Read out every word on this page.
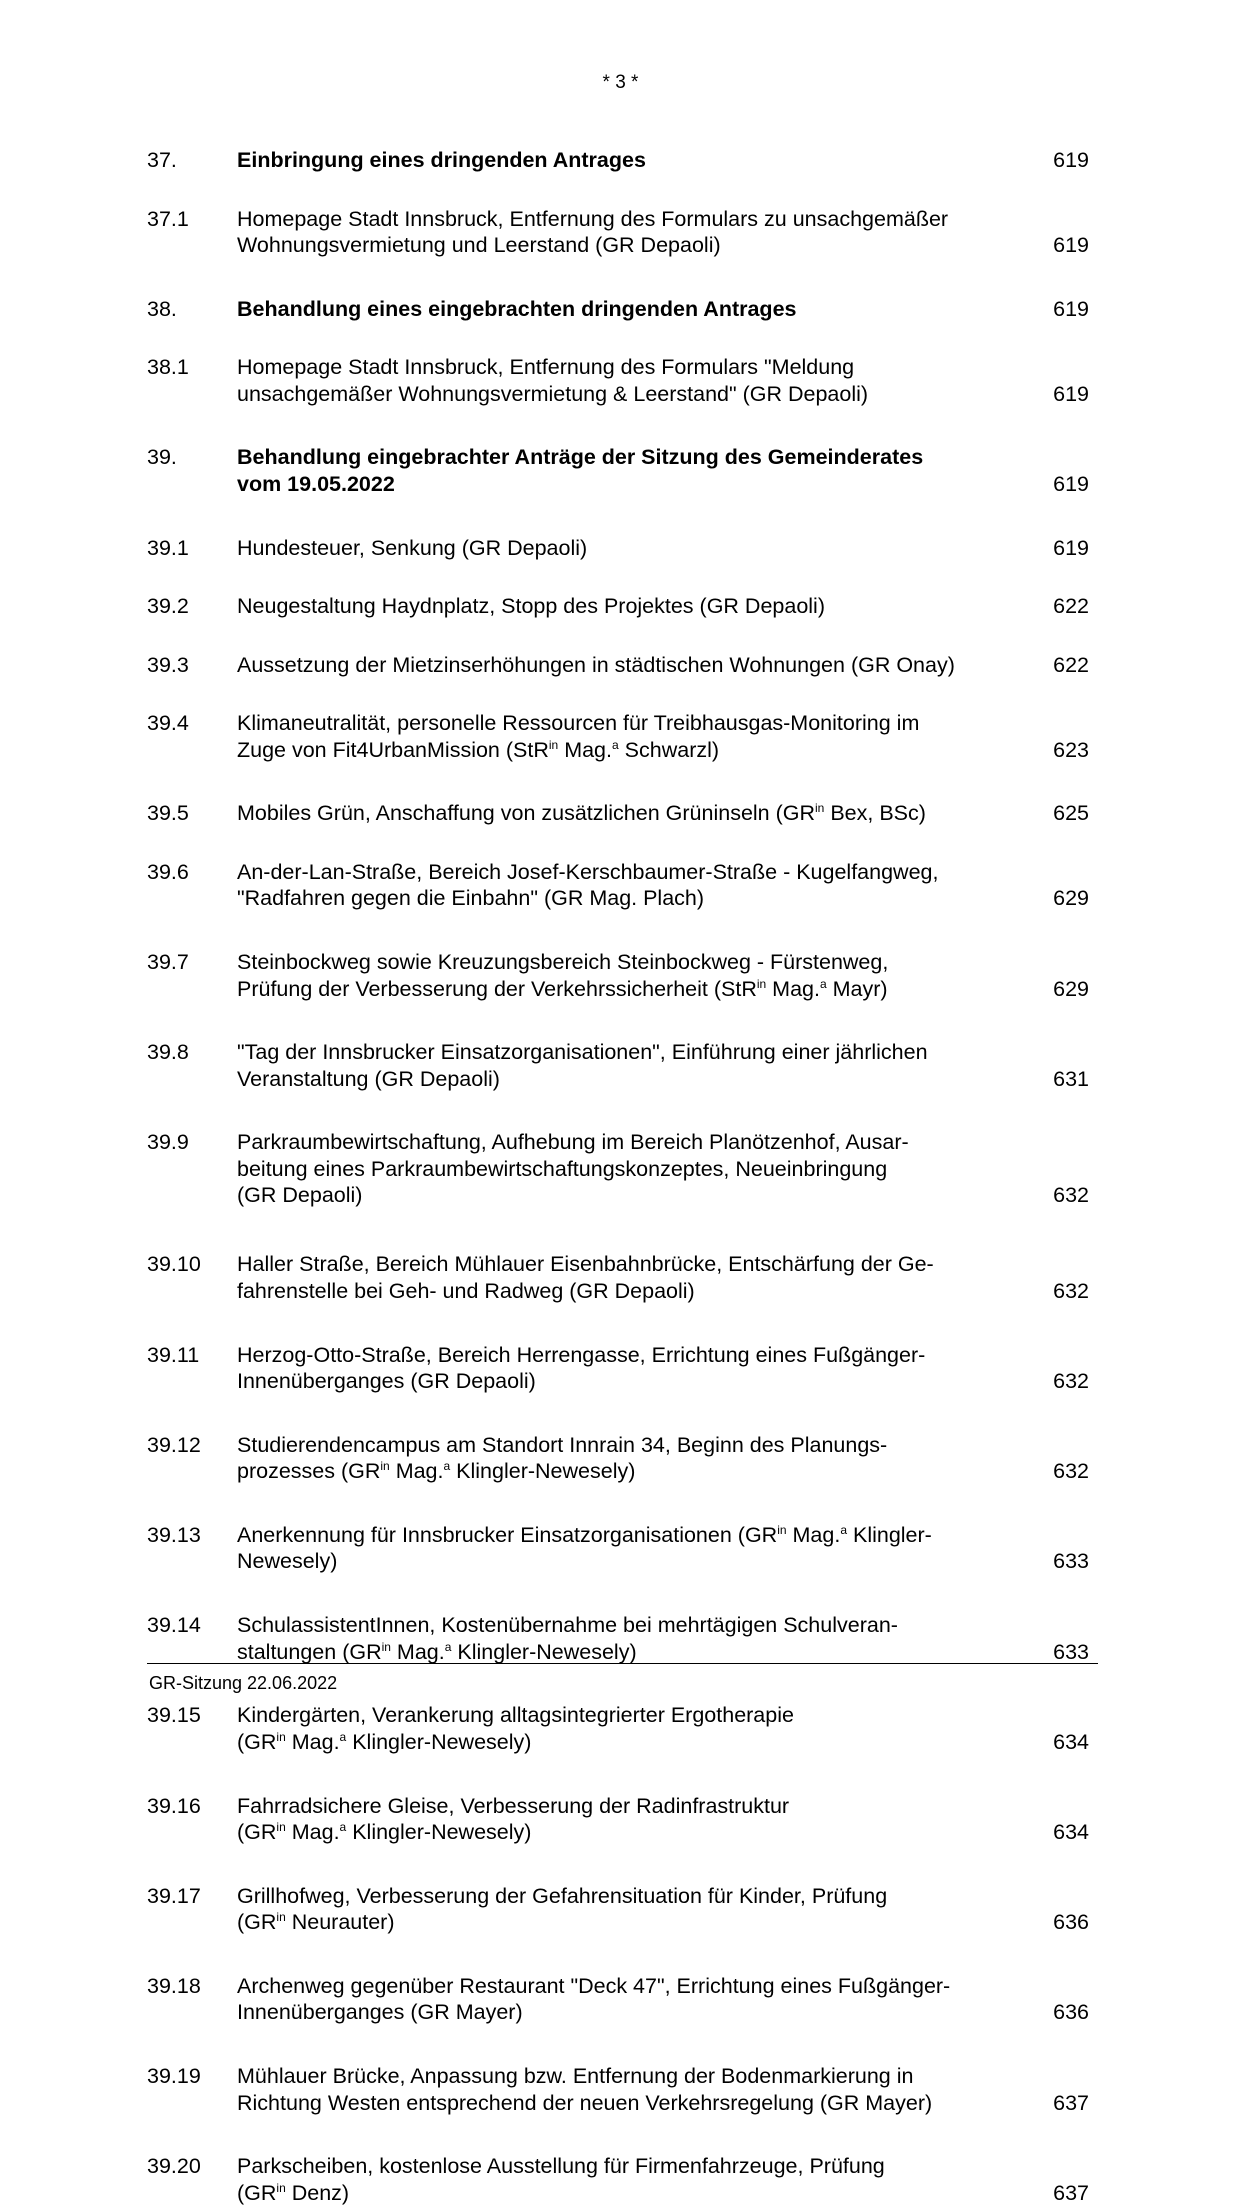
* 3 *
37.	Einbringung eines dringenden Antrages	619
37.1	Homepage Stadt Innsbruck, Entfernung des Formulars zu unsachgemäßer
Wohnungsvermietung und Leerstand (GR Depaoli)	619
38.	Behandlung eines eingebrachten dringenden Antrages	619
38.1	Homepage Stadt Innsbruck, Entfernung des Formulars "Meldung
unsachgemäßer Wohnungsvermietung & Leerstand" (GR Depaoli)	619
39.	Behandlung eingebrachter Anträge der Sitzung des Gemeinderates
vom 19.05.2022	619
39.1	Hundesteuer, Senkung (GR Depaoli)	619
39.2	Neugestaltung Haydnplatz, Stopp des Projektes (GR Depaoli)	622
39.3	Aussetzung der Mietzinserhöhungen in städtischen Wohnungen (GR Onay)	622
39.4	Klimaneutralität, personelle Ressourcen für Treibhausgas-Monitoring im
Zuge von Fit4UrbanMission (StR$^{in}$ Mag.$^a$ Schwarzl)	623
39.5	Mobiles Grün, Anschaffung von zusätzlichen Grüninseln ($GR^{in}$ Bex, BSc)	625
39.6	An-der-Lan-Straße, Bereich Josef-Kerschbaumer-Straße - Kugelfangweg,
"Radfahren gegen die Einbahn" (GR Mag. Plach)	629
39.7	Steinbockweg sowie Kreuzungsbereich Steinbockweg - Fürstenweg,
Prüfung der Verbesserung der Verkehrssicherheit (StR$^{in}$ Mag.$^a$ Mayr)	629
39.8	"Tag der Innsbrucker Einsatzorganisationen", Einführung einer jährlichen
Veranstaltung (GR Depaoli)	631
39.9	Parkraumbewirtschaftung, Aufhebung im Bereich Planötzenhof, Ausar-
beitung eines Parkraumbewirtschaftungskonzeptes, Neueinbringung
(GR Depaoli)	632
39.10	Haller Straße, Bereich Mühlauer Eisenbahnbrücke, Entschärfung der Ge-
fahrenstelle bei Geh- und Radweg (GR Depaoli)	632
39.11	Herzog-Otto-Straße, Bereich Herrengasse, Errichtung eines Fußgänger-
Innenüberganges (GR Depaoli)	632
39.12	Studierendencampus am Standort Innrain 34, Beginn des Planungs-
prozesses ($GR^{in}$ Mag.$^a$ Klingler-Newesely)	632
39.13	Anerkennung für Innsbrucker Einsatzorganisationen ($GR^{in}$ Mag.$^a$ Klingler-
Newesely)	633
39.14	SchulassistentInnen, Kostenübernahme bei mehrtägigen Schulveran-
staltungen ($GR^{in}$ Mag.$^a$ Klingler-Newesely)	633
39.15	Kindergärten, Verankerung alltagsintegrierter Ergotherapie
($GR^{in}$ Mag.$^a$ Klingler-Newesely)	634
39.16	Fahrradsichere Gleise, Verbesserung der Radinfrastruktur
($GR^{in}$ Mag.$^a$ Klingler-Newesely)	634
39.17	Grillhofweg, Verbesserung der Gefahrensituation für Kinder, Prüfung
($GR^{in}$ Neurauter)	636
39.18	Archenweg gegenüber Restaurant "Deck 47", Errichtung eines Fußgänger-
Innenüberganges (GR Mayer)	636
39.19	Mühlauer Brücke, Anpassung bzw. Entfernung der Bodenmarkierung in
Richtung Westen entsprechend der neuen Verkehrsregelung (GR Mayer)	637
39.20	Parkscheiben, kostenlose Ausstellung für Firmenfahrzeuge, Prüfung
($GR^{in}$ Denz)	637
GR-Sitzung 22.06.2022
